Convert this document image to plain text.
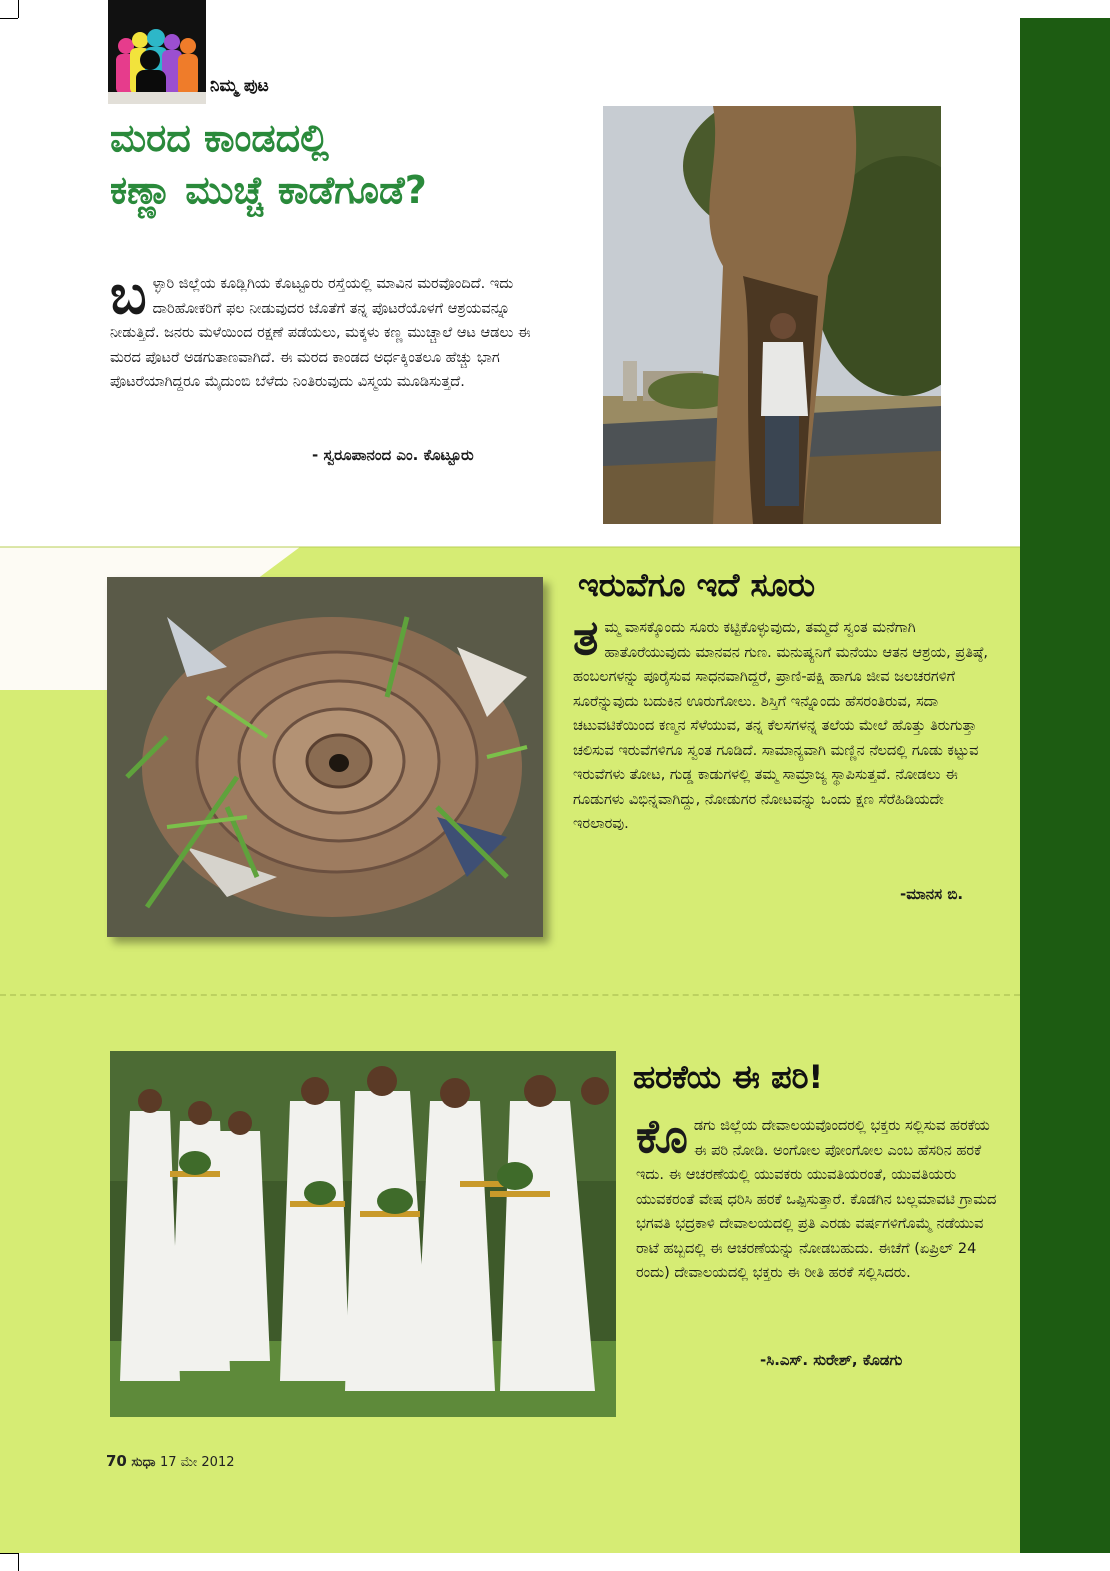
ನಿಮ್ಮ ಪುಟ
ಮರದ ಕಾಂಡದಲ್ಲಿ
ಕಣ್ಣಾ ಮುಚ್ಚೆ ಕಾಡೆಗೂಡೆ?

ಬ ಳ್ಳಾರಿ ಜಿಲ್ಲೆಯ ಕೂಡ್ಲಿಗಿಯ ಕೊಟ್ಟೂರು ರಸ್ತೆಯಲ್ಲಿ ಮಾವಿನ ಮರವೊಂದಿದೆ. ಇದು ದಾರಿಹೋಕರಿಗೆ ಫಲ ನೀಡುವುದರ ಜೊತೆಗೆ ತನ್ನ ಪೊಟರೆಯೊಳಗೆ ಆಶ್ರಯವನ್ನೂ ನೀಡುತ್ತಿದೆ. ಜನರು ಮಳೆಯಿಂದ ರಕ್ಷಣೆ ಪಡೆಯಲು, ಮಕ್ಕಳು ಕಣ್ಣ ಮುಚ್ಚಾಲೆ ಆಟ ಆಡಲು ಈ ಮರದ ಪೊಟರೆ ಅಡಗುತಾಣವಾಗಿದೆ. ಈ ಮರದ ಕಾಂಡದ ಅರ್ಧಕ್ಕಿಂತಲೂ ಹೆಚ್ಚು ಭಾಗ ಪೊಟರೆಯಾಗಿದ್ದರೂ ಮೈದುಂಬಿ ಬೆಳೆದು ನಿಂತಿರುವುದು ವಿಸ್ಮಯ ಮೂಡಿಸುತ್ತದೆ.

- ಸ್ವರೂಪಾನಂದ ಎಂ. ಕೊಟ್ಟೂರು
ಇರುವೆಗೂ ಇದೆ ಸೂರು

ತ ಮ್ಮ ವಾಸಕ್ಕೊಂದು ಸೂರು ಕಟ್ಟಿಕೊಳ್ಳುವುದು, ತಮ್ಮದೆ ಸ್ವಂತ ಮನೆಗಾಗಿ ಹಾತೊರೆಯುವುದು ಮಾನವನ ಗುಣ. ಮನುಷ್ಯನಿಗೆ ಮನೆಯು ಆತನ ಆಶ್ರಯ, ಪ್ರತಿಷ್ಠೆ, ಹಂಬಲಗಳನ್ನು ಪೂರೈಸುವ ಸಾಧನವಾಗಿದ್ದರೆ, ಪ್ರಾಣಿ-ಪಕ್ಷಿ ಹಾಗೂ ಜೀವ ಜಲಚರಗಳಿಗೆ ಸೂರೆನ್ನುವುದು ಬದುಕಿನ ಊರುಗೋಲು. ಶಿಸ್ತಿಗೆ ಇನ್ನೊಂದು ಹೆಸರಂತಿರುವ, ಸದಾ ಚಟುವಟಿಕೆಯಿಂದ ಕಣ್ಮನ ಸೆಳೆಯುವ, ತನ್ನ ಕೆಲಸಗಳನ್ನ ತಲೆಯ ಮೇಲೆ ಹೊತ್ತು ತಿರುಗುತ್ತಾ ಚಲಿಸುವ ಇರುವೆಗಳಿಗೂ ಸ್ವಂತ ಗೂಡಿದೆ. ಸಾಮಾನ್ಯವಾಗಿ ಮಣ್ಣಿನ ನೆಲದಲ್ಲಿ ಗೂಡು ಕಟ್ಟುವ ಇರುವೆಗಳು ತೋಟ, ಗುಡ್ಡ ಕಾಡುಗಳಲ್ಲಿ ತಮ್ಮ ಸಾಮ್ರಾಜ್ಯ ಸ್ಥಾಪಿಸುತ್ತವೆ. ನೋಡಲು ಈ ಗೂಡುಗಳು ವಿಭಿನ್ನವಾಗಿದ್ದು, ನೋಡುಗರ ನೋಟವನ್ನು ಒಂದು ಕ್ಷಣ ಸೆರೆಹಿಡಿಯದೇ ಇರಲಾರವು.

-ಮಾನಸ ಬಿ.
ಹರಕೆಯ ಈ ಪರಿ!

ಕೊ ಡಗು ಜಿಲ್ಲೆಯ ದೇವಾಲಯವೊಂದರಲ್ಲಿ ಭಕ್ತರು ಸಲ್ಲಿಸುವ ಹರಕೆಯ ಈ ಪರಿ ನೋಡಿ. ಅಂಗೋಲ ಪೋಂಗೋಲ ಎಂಬ ಹೆಸರಿನ ಹರಕೆ ಇದು. ಈ ಆಚರಣೆಯಲ್ಲಿ ಯುವಕರು ಯುವತಿಯರಂತೆ, ಯುವತಿಯರು ಯುವಕರಂತೆ ವೇಷ ಧರಿಸಿ ಹರಕೆ ಒಪ್ಪಿಸುತ್ತಾರೆ. ಕೊಡಗಿನ ಬಲ್ಲಮಾವಟಿ ಗ್ರಾಮದ ಭಗವತಿ ಭದ್ರಕಾಳಿ ದೇವಾಲಯದಲ್ಲಿ ಪ್ರತಿ ಎರಡು ವರ್ಷಗಳಿಗೊಮ್ಮೆ ನಡೆಯುವ ರಾಟೆ ಹಬ್ಬದಲ್ಲಿ ಈ ಆಚರಣೆಯನ್ನು ನೋಡಬಹುದು. ಈಚೆಗೆ (ಏಪ್ರಿಲ್ 24 ರಂದು) ದೇವಾಲಯದಲ್ಲಿ ಭಕ್ತರು ಈ ರೀತಿ ಹರಕೆ ಸಲ್ಲಿಸಿದರು.

-ಸಿ.ಎಸ್. ಸುರೇಶ್, ಕೊಡಗು
70 ಸುಧಾ 17 ಮೇ 2012
